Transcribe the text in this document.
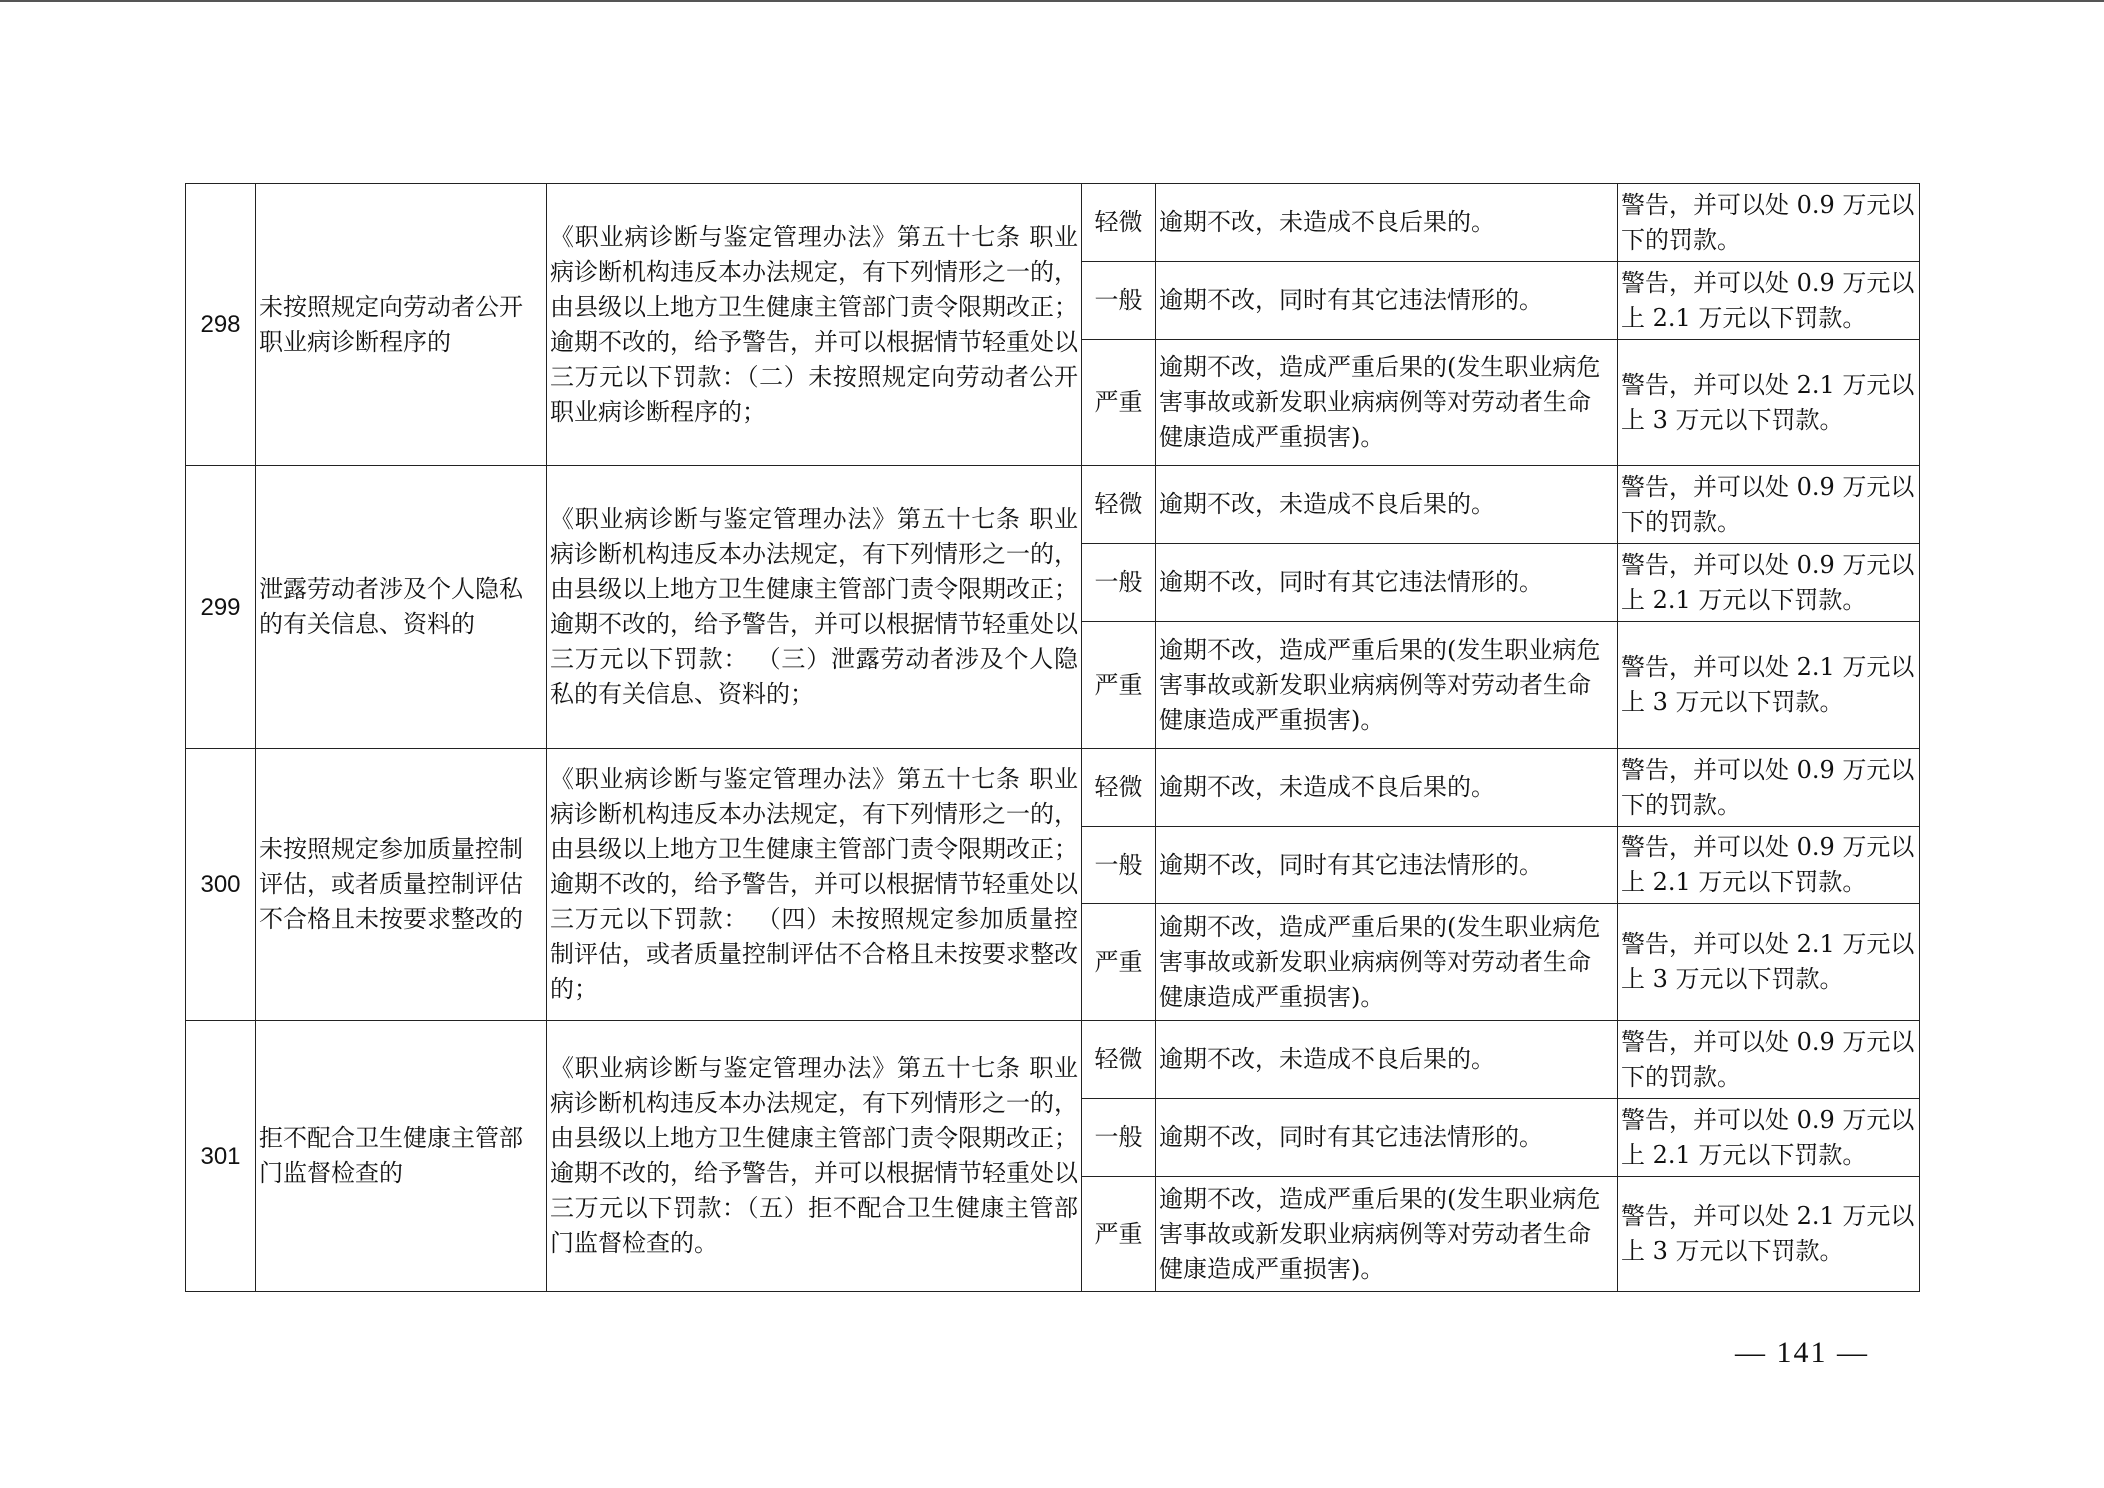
298	未按照规定向劳动者公开职业病诊断程序的	《职业病诊断与鉴定管理办法》第五十七条 职业病诊断机构违反本办法规定，有下列情形之一的，由县级以上地方卫生健康主管部门责令限期改正；逾期不改的，给予警告，并可以根据情节轻重处以三万元以下罚款：（二）未按照规定向劳动者公开职业病诊断程序的；	轻微	逾期不改，未造成不良后果的。	警告，并可以处 0.9 万元以下的罚款。
			一般	逾期不改，同时有其它违法情形的。	警告，并可以处 0.9 万元以上 2.1 万元以下罚款。
			严重	逾期不改，造成严重后果的(发生职业病危害事故或新发职业病病例等对劳动者生命健康造成严重损害)。	警告，并可以处 2.1 万元以上 3 万元以下罚款。
299	泄露劳动者涉及个人隐私的有关信息、资料的	《职业病诊断与鉴定管理办法》第五十七条 职业病诊断机构违反本办法规定，有下列情形之一的，由县级以上地方卫生健康主管部门责令限期改正；逾期不改的，给予警告，并可以根据情节轻重处以三万元以下罚款： （三）泄露劳动者涉及个人隐私的有关信息、资料的；	轻微	逾期不改，未造成不良后果的。	警告，并可以处 0.9 万元以下的罚款。
			一般	逾期不改，同时有其它违法情形的。	警告，并可以处 0.9 万元以上 2.1 万元以下罚款。
			严重	逾期不改，造成严重后果的(发生职业病危害事故或新发职业病病例等对劳动者生命健康造成严重损害)。	警告，并可以处 2.1 万元以上 3 万元以下罚款。
300	未按照规定参加质量控制评估，或者质量控制评估不合格且未按要求整改的	《职业病诊断与鉴定管理办法》第五十七条 职业病诊断机构违反本办法规定，有下列情形之一的，由县级以上地方卫生健康主管部门责令限期改正；逾期不改的，给予警告，并可以根据情节轻重处以三万元以下罚款： （四）未按照规定参加质量控制评估，或者质量控制评估不合格且未按要求整改的；	轻微	逾期不改，未造成不良后果的。	警告，并可以处 0.9 万元以下的罚款。
			一般	逾期不改，同时有其它违法情形的。	警告，并可以处 0.9 万元以上 2.1 万元以下罚款。
			严重	逾期不改，造成严重后果的(发生职业病危害事故或新发职业病病例等对劳动者生命健康造成严重损害)。	警告，并可以处 2.1 万元以上 3 万元以下罚款。
301	拒不配合卫生健康主管部门监督检查的	《职业病诊断与鉴定管理办法》第五十七条 职业病诊断机构违反本办法规定，有下列情形之一的，由县级以上地方卫生健康主管部门责令限期改正；逾期不改的，给予警告，并可以根据情节轻重处以三万元以下罚款：（五）拒不配合卫生健康主管部门监督检查的。	轻微	逾期不改，未造成不良后果的。	警告，并可以处 0.9 万元以下的罚款。
			一般	逾期不改，同时有其它违法情形的。	警告，并可以处 0.9 万元以上 2.1 万元以下罚款。
			严重	逾期不改，造成严重后果的(发生职业病危害事故或新发职业病病例等对劳动者生命健康造成严重损害)。	警告，并可以处 2.1 万元以上 3 万元以下罚款。
— 141 —
